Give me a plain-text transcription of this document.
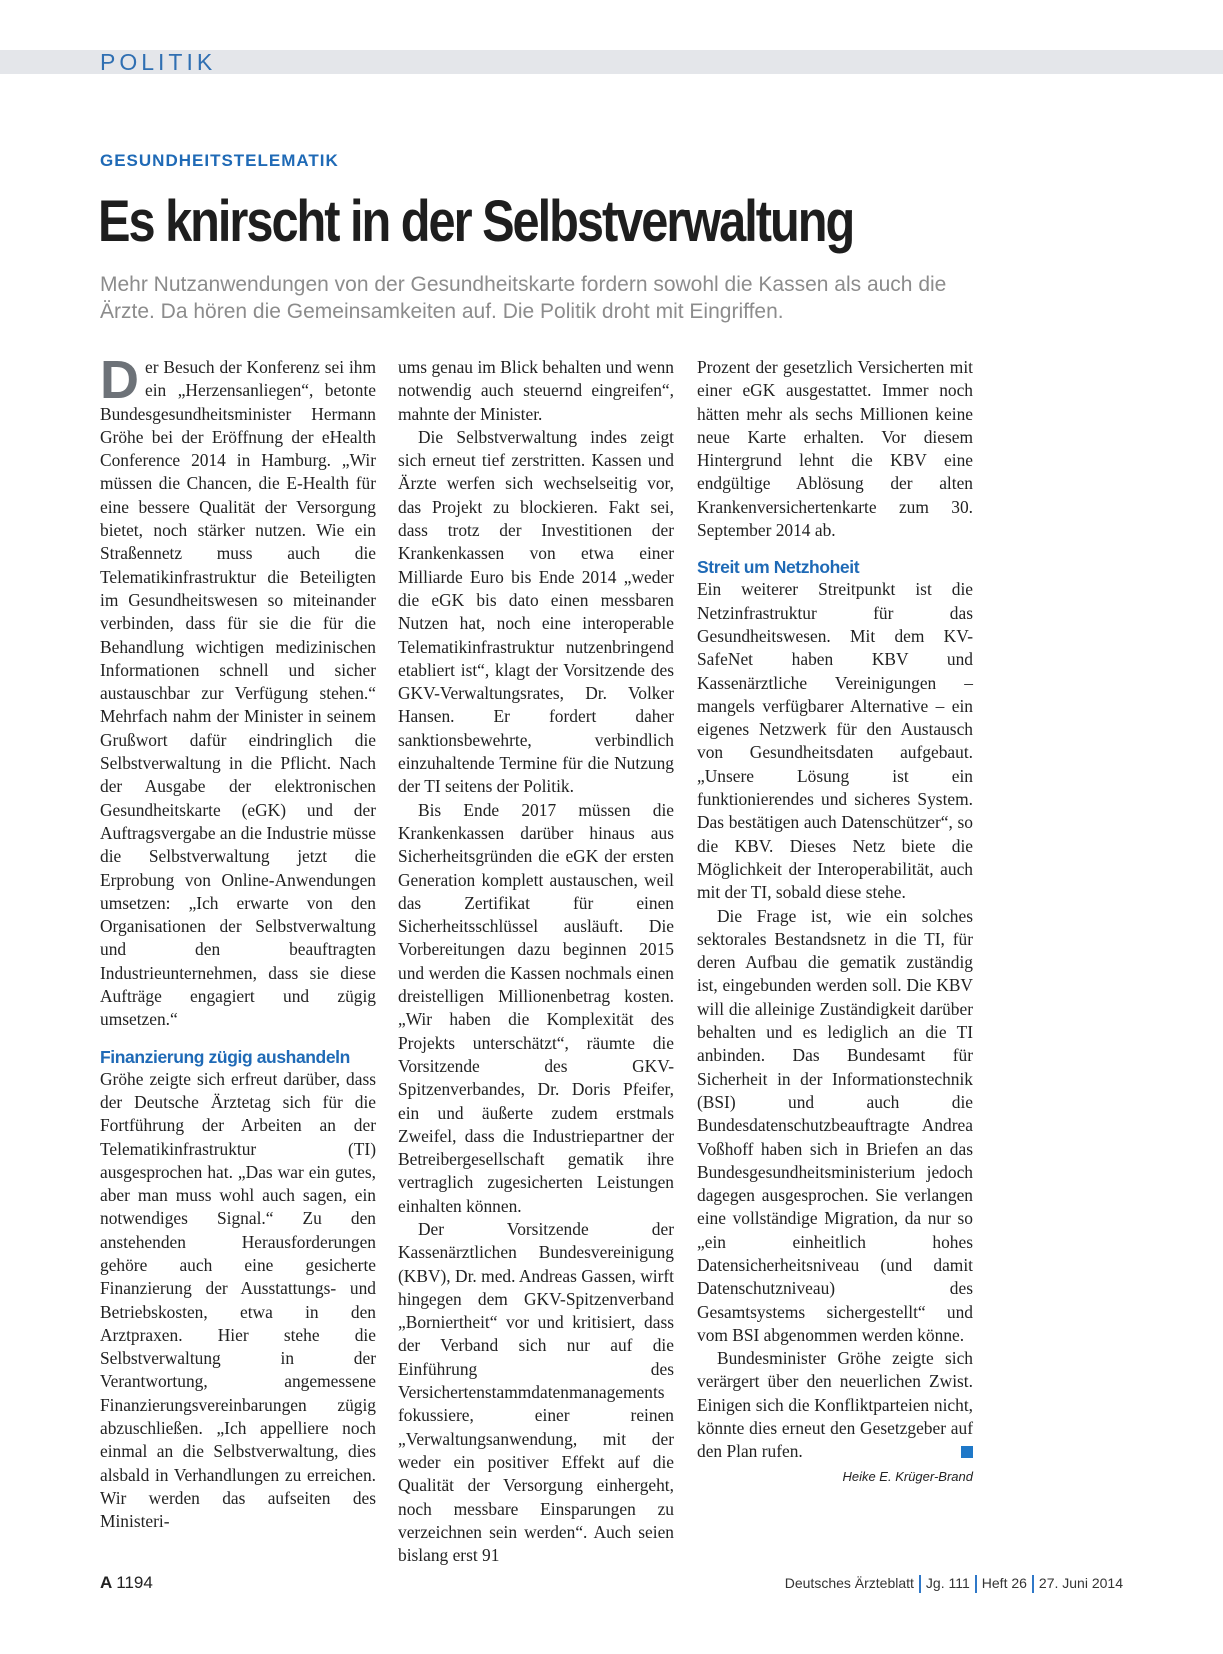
POLITIK
GESUNDHEITSTELEMATIK
Es knirscht in der Selbstverwaltung
Mehr Nutzanwendungen von der Gesundheitskarte fordern sowohl die Kassen als auch die Ärzte. Da hören die Gemeinsamkeiten auf. Die Politik droht mit Eingriffen.

Der Besuch der Konferenz sei ihm ein „Herzensanliegen“, betonte Bundesgesundheitsminister Hermann Gröhe bei der Eröffnung der eHealth Conference 2014 in Hamburg. „Wir müssen die Chancen, die E-Health für eine bessere Qualität der Versorgung bietet, noch stärker nutzen. Wie ein Straßennetz muss auch die Telematikinfrastruktur die Beteiligten im Gesundheitswesen so miteinander verbinden, dass für sie die für die Behandlung wichtigen medizinischen Informationen schnell und sicher austauschbar zur Verfügung stehen.“ Mehrfach nahm der Minister in seinem Grußwort dafür eindringlich die Selbstverwaltung in die Pflicht. Nach der Ausgabe der elektronischen Gesundheitskarte (eGK) und der Auftragsvergabe an die Industrie müsse die Selbstverwaltung jetzt die Erprobung von Online-Anwendungen umsetzen: „Ich erwarte von den Organisationen der Selbstverwaltung und den beauftragten Industrieunternehmen, dass sie diese Aufträge engagiert und zügig umsetzen.“

Finanzierung zügig aushandeln

Gröhe zeigte sich erfreut darüber, dass der Deutsche Ärztetag sich für die Fortführung der Arbeiten an der Telematikinfrastruktur (TI) ausgesprochen hat. „Das war ein gutes, aber man muss wohl auch sagen, ein notwendiges Signal.“ Zu den anstehenden Herausforderungen gehöre auch eine gesicherte Finanzierung der Ausstattungs- und Betriebskosten, etwa in den Arztpraxen. Hier stehe die Selbstverwaltung in der Verantwortung, angemessene Finanzierungsvereinbarungen zügig abzuschließen. „Ich appelliere noch einmal an die Selbstverwaltung, dies alsbald in Verhandlungen zu erreichen. Wir werden das aufseiten des Ministeri-

ums genau im Blick behalten und wenn notwendig auch steuernd eingreifen“, mahnte der Minister.

Die Selbstverwaltung indes zeigt sich erneut tief zerstritten. Kassen und Ärzte werfen sich wechselseitig vor, das Projekt zu blockieren. Fakt sei, dass trotz der Investitionen der Krankenkassen von etwa einer Milliarde Euro bis Ende 2014 „weder die eGK bis dato einen messbaren Nutzen hat, noch eine interoperable Telematikinfrastruktur nutzenbringend etabliert ist“, klagt der Vorsitzende des GKV-Verwaltungsrates, Dr. Volker Hansen. Er fordert daher sanktionsbewehrte, verbindlich einzuhaltende Termine für die Nutzung der TI seitens der Politik.

Bis Ende 2017 müssen die Krankenkassen darüber hinaus aus Sicherheitsgründen die eGK der ersten Generation komplett austauschen, weil das Zertifikat für einen Sicherheitsschlüssel ausläuft. Die Vorbereitungen dazu beginnen 2015 und werden die Kassen nochmals einen dreistelligen Millionenbetrag kosten. „Wir haben die Komplexität des Projekts unterschätzt“, räumte die Vorsitzende des GKV-Spitzenverbandes, Dr. Doris Pfeifer, ein und äußerte zudem erstmals Zweifel, dass die Industriepartner der Betreibergesellschaft gematik ihre vertraglich zugesicherten Leistungen einhalten können.

Der Vorsitzende der Kassenärztlichen Bundesvereinigung (KBV), Dr. med. Andreas Gassen, wirft hingegen dem GKV-Spitzenverband „Borniertheit“ vor und kritisiert, dass der Verband sich nur auf die Einführung des Versichertenstammdatenmanagements fokussiere, einer reinen „Verwaltungsanwendung, mit der weder ein positiver Effekt auf die Qualität der Versorgung einhergeht, noch messbare Einsparungen zu verzeichnen sein werden“. Auch seien bislang erst 91

Prozent der gesetzlich Versicherten mit einer eGK ausgestattet. Immer noch hätten mehr als sechs Millionen keine neue Karte erhalten. Vor diesem Hintergrund lehnt die KBV eine endgültige Ablösung der alten Krankenversichertenkarte zum 30. September 2014 ab.

Streit um Netzhoheit

Ein weiterer Streitpunkt ist die Netzinfrastruktur für das Gesundheitswesen. Mit dem KV-SafeNet haben KBV und Kassenärztliche Vereinigungen – mangels verfügbarer Alternative – ein eigenes Netzwerk für den Austausch von Gesundheitsdaten aufgebaut. „Unsere Lösung ist ein funktionierendes und sicheres System. Das bestätigen auch Datenschützer“, so die KBV. Dieses Netz biete die Möglichkeit der Interoperabilität, auch mit der TI, sobald diese stehe.

Die Frage ist, wie ein solches sektorales Bestandsnetz in die TI, für deren Aufbau die gematik zuständig ist, eingebunden werden soll. Die KBV will die alleinige Zuständigkeit darüber behalten und es lediglich an die TI anbinden. Das Bundesamt für Sicherheit in der Informationstechnik (BSI) und auch die Bundesdatenschutzbeauftragte Andrea Voßhoff haben sich in Briefen an das Bundesgesundheitsministerium jedoch dagegen ausgesprochen. Sie verlangen eine vollständige Migration, da nur so „ein einheitlich hohes Datensicherheitsniveau (und damit Datenschutzniveau) des Gesamtsystems sichergestellt“ und vom BSI abgenommen werden könne.

Bundesminister Gröhe zeigte sich verärgert über den neuerlichen Zwist. Einigen sich die Konfliktparteien nicht, könnte dies erneut den Gesetzgeber auf den Plan rufen.

Heike E. Krüger-Brand
A 1194	Deutsches Ärzteblatt Jg. 111 Heft 26 27. Juni 2014
